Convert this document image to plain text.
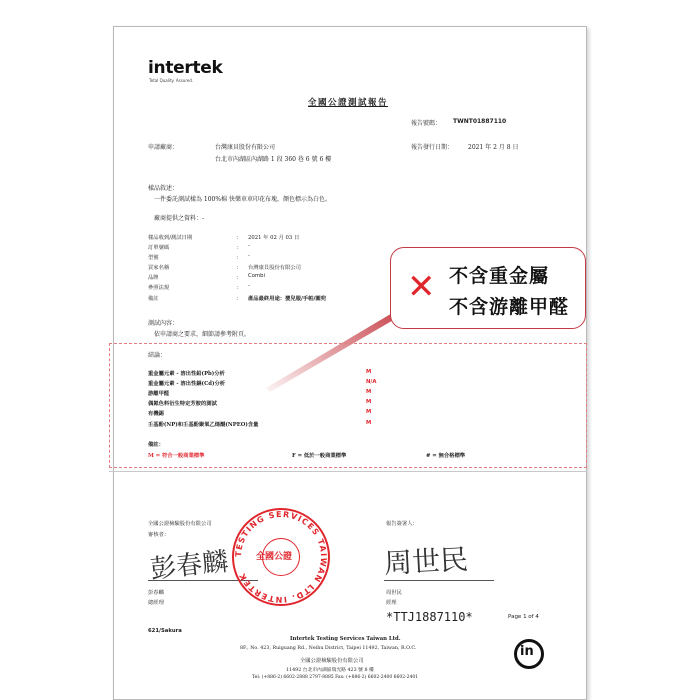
intertek
Total Quality. Assured.
全國公證測試報告
報告號碼： TWNT01887110
報告發行日期： 2021 年 2 月 8 日
申請廠商：	台灣康貝股份有限公司
台北市內湖區內湖路 1 段 360 巷 6 號 6 樓
樣品敘述：
一件委託測試樣為 100%棉 快樂車車印花布塊，顏色標示為白色。
廠商提供之資料：-
樣品收到/測試日期	： 2021 年 02 月 03 日
訂單號碼	： -
型號	： -
買家名稱	： 台灣康貝股份有限公司
品牌	： Combi
參照法規	： -
備註	： 產品最終用途：嬰兒服/手帕/圍兜
測試內容：
依申請商之要求，細節請參考附頁。
✕ 不含重金屬
不含游離甲醛
結論：
重金屬元素 - 溶出性鉛(Pb)分析	M
重金屬元素 - 溶出性鎘(Cd)分析	N/A
游離甲醛	M
偶氮色料衍生特定芳胺的測試	M
有機錫	M
壬基酚(NP)和壬基酚聚氧乙烯醚(NPEO)含量	M
備註：
M = 符合一般商業標準	F = 低於一般商業標準	# = 無合格標準
全國公證檢驗股份有限公司
審核者：
報告簽署人：
彭春麟	周世民
彭春麟
總經理
周世民
經理
全國公證
TESTING SERVICES TAIWAN LTD. INTERTEK
*TTJ1887110*	Page 1 of 4
621/Sakura
Intertek Testing Services Taiwan Ltd.
8F., No. 423, Ruiguang Rd., Neihu District, Taipei 11492, Taiwan, R.O.C.
全國公證檢驗股份有限公司
11492 台北市內湖區瑞光路 423 號 8 樓
Tel: (+886-2) 6602-2888 2797-8885 Fax: (+886-2) 6602-2400 6602-2401
in
